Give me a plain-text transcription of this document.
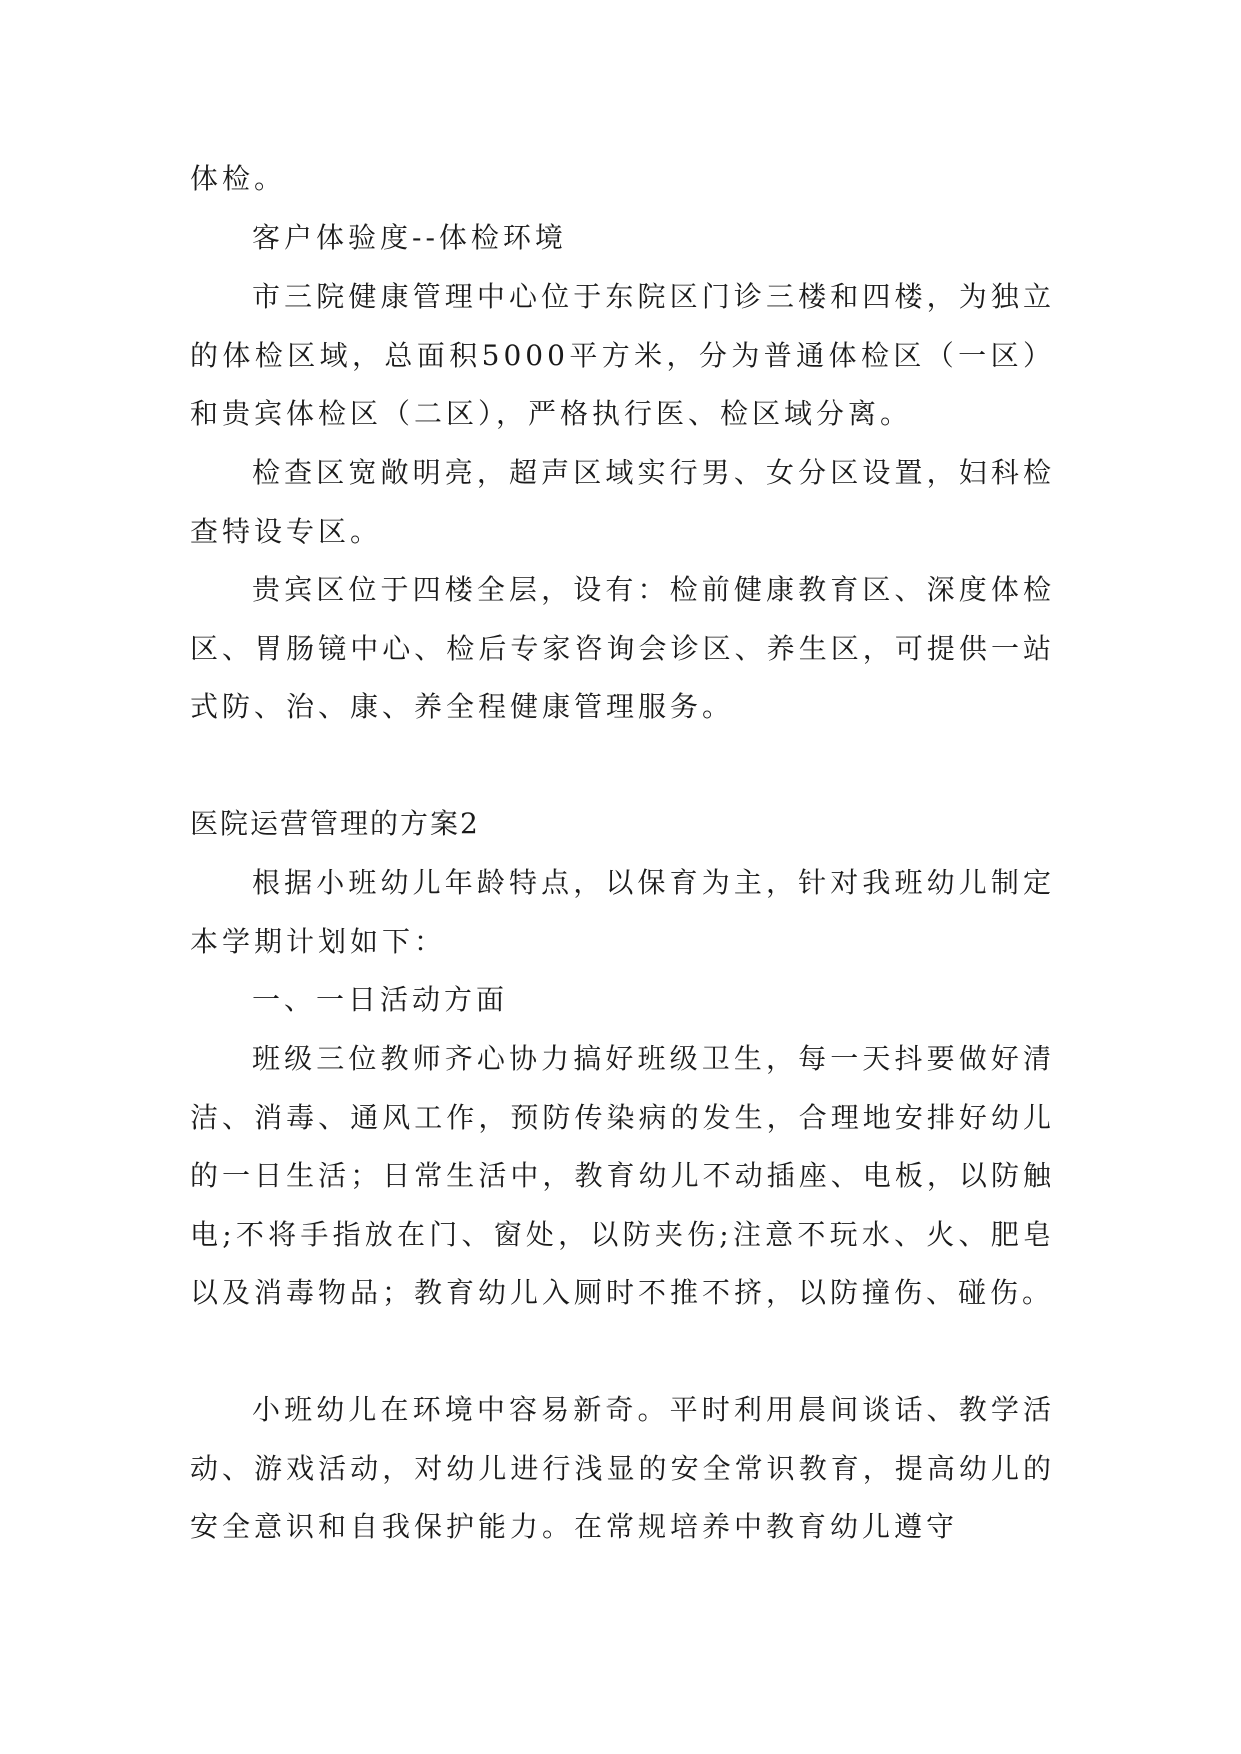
体检。

客户体验度--体检环境

市三院健康管理中心位于东院区门诊三楼和四楼，为独立的体检区域，总面积5000平方米，分为普通体检区（一区）和贵宾体检区（二区），严格执行医、检区域分离。

检查区宽敞明亮，超声区域实行男、女分区设置，妇科检查特设专区。

贵宾区位于四楼全层，设有：检前健康教育区、深度体检区、胃肠镜中心、检后专家咨询会诊区、养生区，可提供一站式防、治、康、养全程健康管理服务。

医院运营管理的方案2

根据小班幼儿年龄特点，以保育为主，针对我班幼儿制定本学期计划如下：

一、一日活动方面

班级三位教师齐心协力搞好班级卫生，每一天抖要做好清洁、消毒、通风工作，预防传染病的发生，合理地安排好幼儿的一日生活；日常生活中，教育幼儿不动插座、电板，以防触电;不将手指放在门、窗处，以防夹伤;注意不玩水、火、肥皂以及消毒物品；教育幼儿入厕时不推不挤，以防撞伤、碰伤。

小班幼儿在环境中容易新奇。平时利用晨间谈话、教学活动、游戏活动，对幼儿进行浅显的安全常识教育，提高幼儿的安全意识和自我保护能力。在常规培养中教育幼儿遵守
